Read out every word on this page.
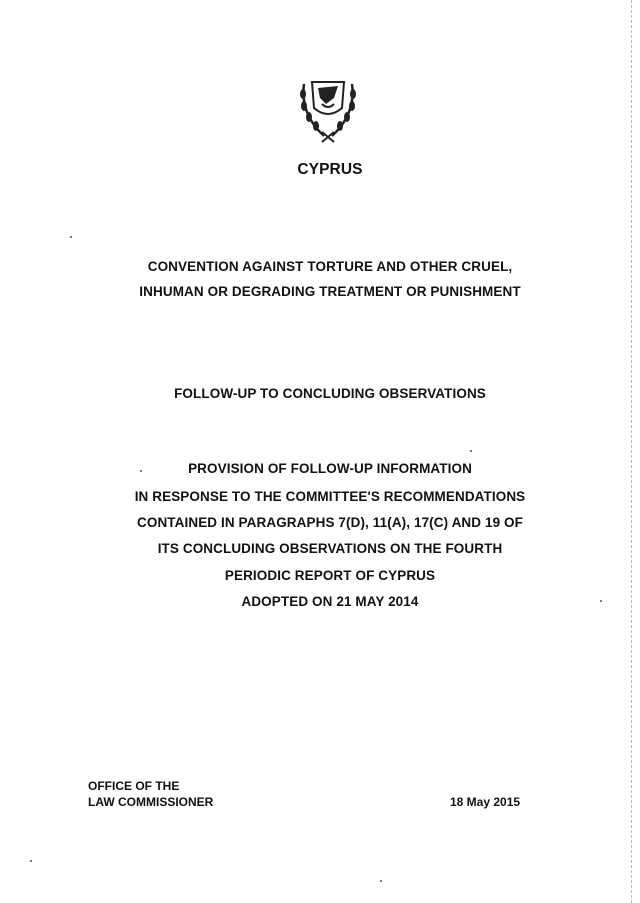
CYPRUS
CONVENTION AGAINST TORTURE AND OTHER CRUEL,
INHUMAN OR DEGRADING TREATMENT OR PUNISHMENT
FOLLOW-UP TO CONCLUDING OBSERVATIONS
PROVISION OF FOLLOW-UP INFORMATION
IN RESPONSE TO THE COMMITTEE'S RECOMMENDATIONS
CONTAINED IN PARAGRAPHS 7(D), 11(A), 17(C) AND 19 OF
ITS CONCLUDING OBSERVATIONS ON THE FOURTH
PERIODIC REPORT OF CYPRUS
ADOPTED ON 21 MAY 2014
OFFICE OF THE
LAW COMMISSIONER	18 May 2015
